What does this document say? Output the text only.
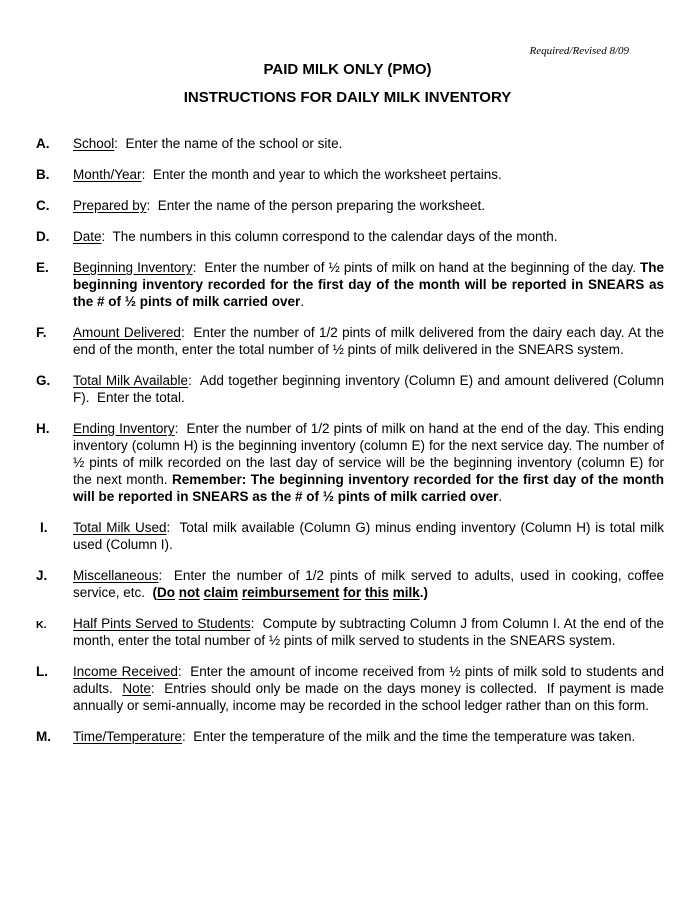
Required/Revised 8/09
PAID MILK ONLY (PMO)
INSTRUCTIONS FOR DAILY MILK INVENTORY
A.	School:  Enter the name of the school or site.
B.	Month/Year:  Enter the month and year to which the worksheet pertains.
C.	Prepared by:  Enter the name of the person preparing the worksheet.
D.	Date:  The numbers in this column correspond to the calendar days of the month.
E.	Beginning Inventory:  Enter the number of ½ pints of milk on hand at the beginning of the day. The beginning inventory recorded for the first day of the month will be reported in SNEARS as the # of ½ pints of milk carried over.
F.	Amount Delivered:  Enter the number of 1/2 pints of milk delivered from the dairy each day. At the end of the month, enter the total number of ½ pints of milk delivered in the SNEARS system.
G.	Total Milk Available:  Add together beginning inventory (Column E) and amount delivered (Column F).  Enter the total.
H.	Ending Inventory:  Enter the number of 1/2 pints of milk on hand at the end of the day. This ending inventory (column H) is the beginning inventory (column E) for the next service day. The number of ½ pints of milk recorded on the last day of service will be the beginning inventory (column E) for the next month. Remember: The beginning inventory recorded for the first day of the month will be reported in SNEARS as the # of ½ pints of milk carried over.
I.	Total Milk Used:  Total milk available (Column G) minus ending inventory (Column H) is total milk used (Column I).
J.	Miscellaneous:  Enter the number of 1/2 pints of milk served to adults, used in cooking, coffee service, etc.  (Do not claim reimbursement for this milk.)
K.	Half Pints Served to Students:  Compute by subtracting Column J from Column I. At the end of the month, enter the total number of ½ pints of milk served to students in the SNEARS system.
L.	Income Received:  Enter the amount of income received from ½ pints of milk sold to students and adults.  Note:  Entries should only be made on the days money is collected.  If payment is made annually or semi-annually, income may be recorded in the school ledger rather than on this form.
M.	Time/Temperature:  Enter the temperature of the milk and the time the temperature was taken.
